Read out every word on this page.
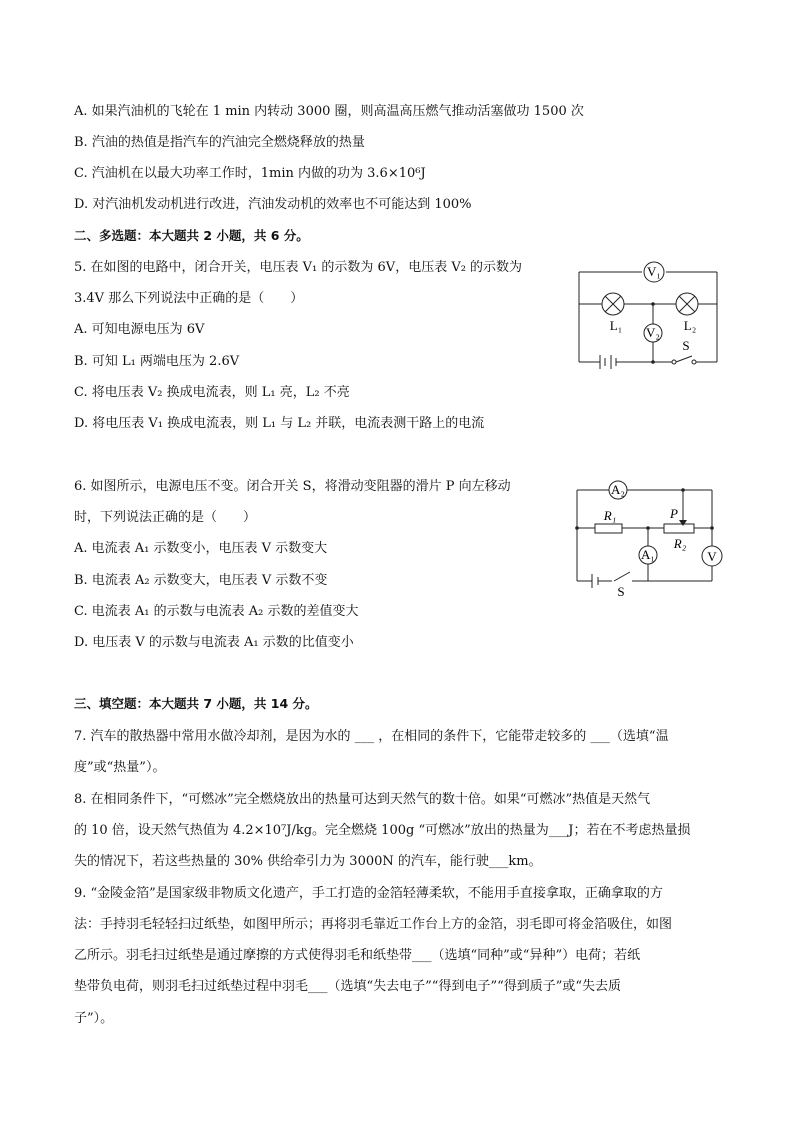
A. 如果汽油机的飞轮在 1 min 内转动 3000 圈，则高温高压燃气推动活塞做功 1500 次
B. 汽油的热值是指汽车的汽油完全燃烧释放的热量
C. 汽油机在以最大功率工作时，1min 内做的功为 3.6×10⁶J
D. 对汽油机发动机进行改进，汽油发动机的效率也不可能达到 100%
二、多选题：本大题共 2 小题，共 6 分。
5. 在如图的电路中，闭合开关，电压表 V₁ 的示数为 6V，电压表 V₂ 的示数为
3.4V 那么下列说法中正确的是（　　）
A. 可知电源电压为 6V
B. 可知 L₁ 两端电压为 2.6V
C. 将电压表 V₂ 换成电流表，则 L₁ 亮，L₂ 不亮
D. 将电压表 V₁ 换成电流表，则 L₁ 与 L₂ 并联，电流表测干路上的电流
V₁
V₂
L₁	L₂
S
6. 如图所示，电源电压不变。闭合开关 S，将滑动变阻器的滑片 P 向左移动
时，下列说法正确的是（　　）
A. 电流表 A₁ 示数变小，电压表 V 示数变大
B. 电流表 A₂ 示数变大，电压表 V 示数不变
C. 电流表 A₁ 的示数与电流表 A₂ 示数的差值变大
D. 电压表 V 的示数与电流表 A₁ 示数的比值变小
A₂
A₁	V
R₁
R₂
P
S
三、填空题：本大题共 7 小题，共 14 分。
7. 汽车的散热器中常用水做冷却剂，是因为水的 ___ ，在相同的条件下，它能带走较多的 ___（选填“温
度”或“热量”）。
8. 在相同条件下，“可燃冰”完全燃烧放出的热量可达到天然气的数十倍。如果“可燃冰”热值是天然气
的 10 倍，设天然气热值为 4.2×10⁷J/kg。完全燃烧 100g “可燃冰”放出的热量为___J；若在不考虑热量损
失的情况下，若这些热量的 30% 供给牵引力为 3000N 的汽车，能行驶___km。
9. “金陵金箔”是国家级非物质文化遗产，手工打造的金箔轻薄柔软，不能用手直接拿取，正确拿取的方
法：手持羽毛轻轻扫过纸垫，如图甲所示；再将羽毛靠近工作台上方的金箔，羽毛即可将金箔吸住，如图
乙所示。羽毛扫过纸垫是通过摩擦的方式使得羽毛和纸垫带___（选填“同种”或“异种”）电荷；若纸
垫带负电荷，则羽毛扫过纸垫过程中羽毛___（选填“失去电子”“得到电子”“得到质子”或“失去质
子”）。
